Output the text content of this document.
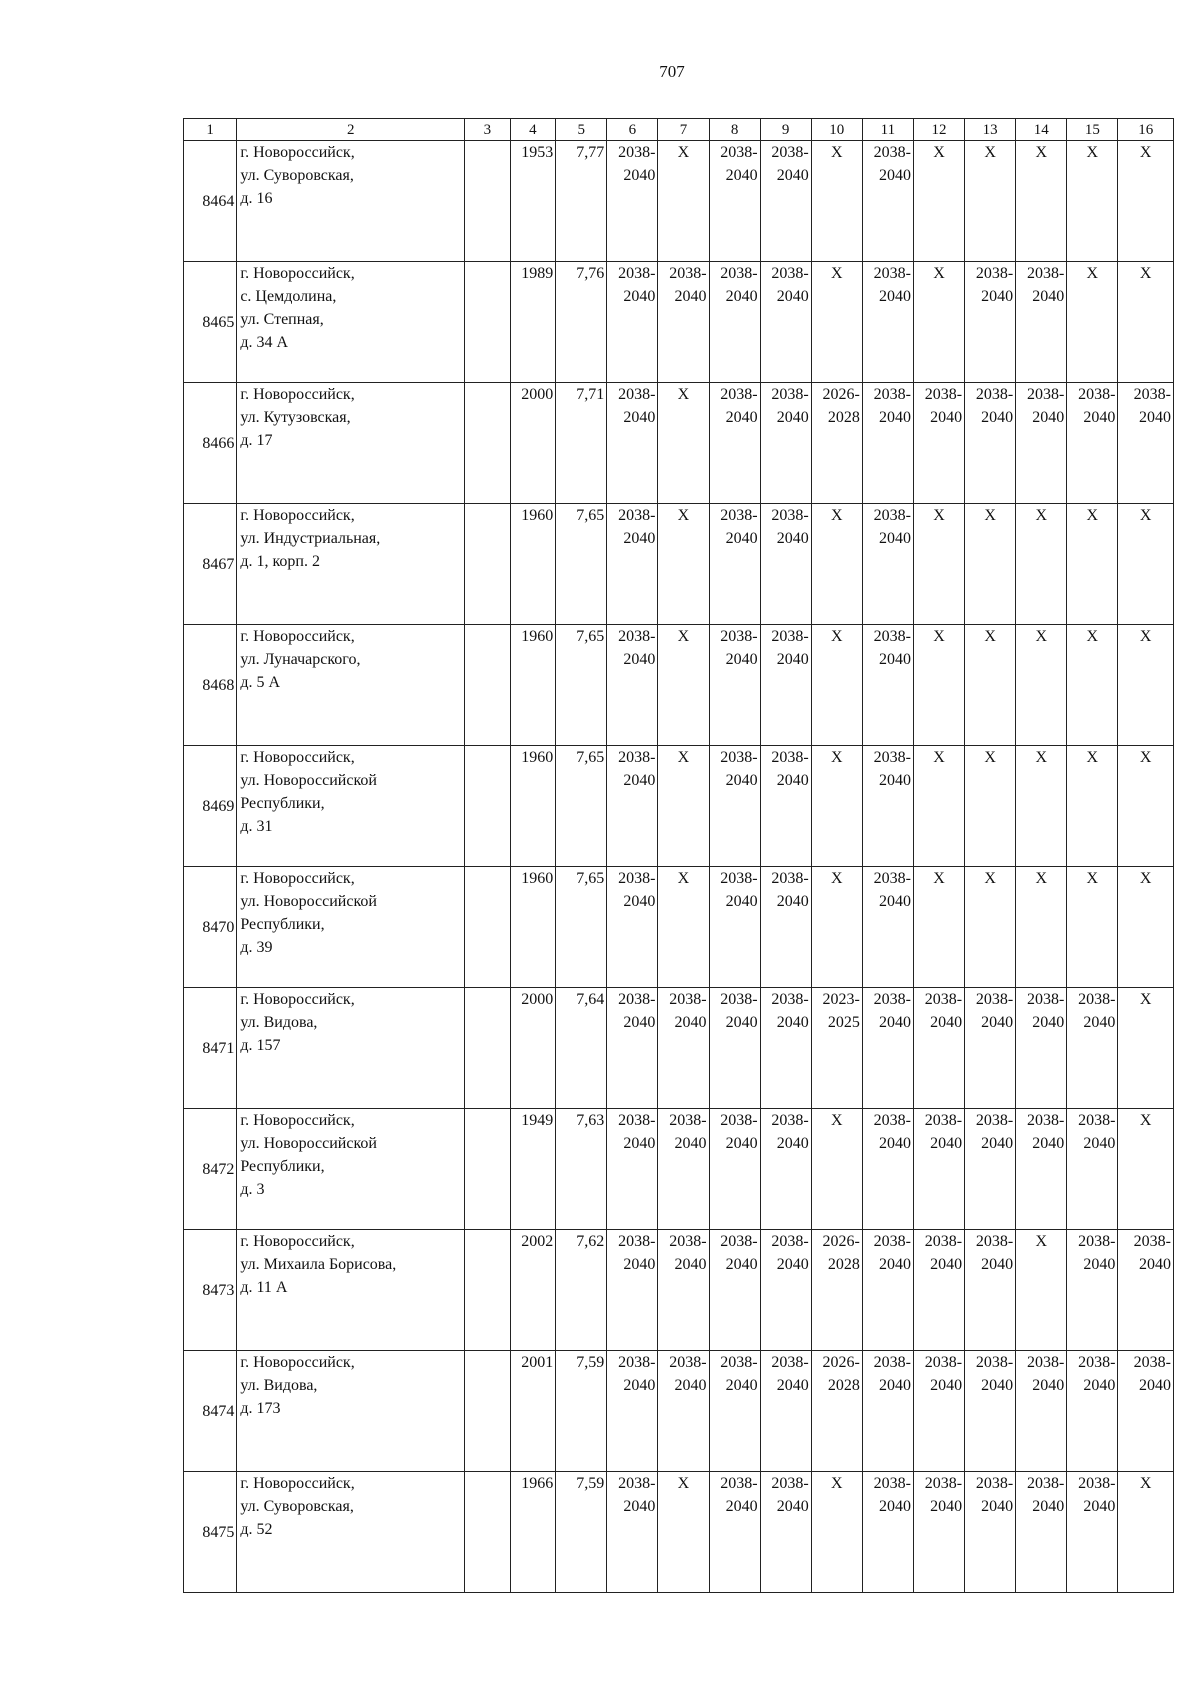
707
1	2	3	4	5	6	7	8	9	10	11	12	13	14	15	16
8464	г. Новороссийск,
ул. Суворовская,
д. 16		1953	7,77	2038-
2040	X	2038-
2040	2038-
2040	X	2038-
2040	X	X	X	X	X
8465	г. Новороссийск,
с. Цемдолина,
ул. Степная,
д. 34 А		1989	7,76	2038-
2040	2038-
2040	2038-
2040	2038-
2040	X	2038-
2040	X	2038-
2040	2038-
2040	X	X
8466	г. Новороссийск,
ул. Кутузовская,
д. 17		2000	7,71	2038-
2040	X	2038-
2040	2038-
2040	2026-
2028	2038-
2040	2038-
2040	2038-
2040	2038-
2040	2038-
2040	2038-
2040
8467	г. Новороссийск,
ул. Индустриальная,
д. 1, корп. 2		1960	7,65	2038-
2040	X	2038-
2040	2038-
2040	X	2038-
2040	X	X	X	X	X
8468	г. Новороссийск,
ул. Луначарского,
д. 5 А		1960	7,65	2038-
2040	X	2038-
2040	2038-
2040	X	2038-
2040	X	X	X	X	X
8469	г. Новороссийск,
ул. Новороссийской
Республики,
д. 31		1960	7,65	2038-
2040	X	2038-
2040	2038-
2040	X	2038-
2040	X	X	X	X	X
8470	г. Новороссийск,
ул. Новороссийской
Республики,
д. 39		1960	7,65	2038-
2040	X	2038-
2040	2038-
2040	X	2038-
2040	X	X	X	X	X
8471	г. Новороссийск,
ул. Видова,
д. 157		2000	7,64	2038-
2040	2038-
2040	2038-
2040	2038-
2040	2023-
2025	2038-
2040	2038-
2040	2038-
2040	2038-
2040	2038-
2040	X
8472	г. Новороссийск,
ул. Новороссийской
Республики,
д. 3		1949	7,63	2038-
2040	2038-
2040	2038-
2040	2038-
2040	X	2038-
2040	2038-
2040	2038-
2040	2038-
2040	2038-
2040	X
8473	г. Новороссийск,
ул. Михаила Борисова,
д. 11 А		2002	7,62	2038-
2040	2038-
2040	2038-
2040	2038-
2040	2026-
2028	2038-
2040	2038-
2040	2038-
2040	X	2038-
2040	2038-
2040
8474	г. Новороссийск,
ул. Видова,
д. 173		2001	7,59	2038-
2040	2038-
2040	2038-
2040	2038-
2040	2026-
2028	2038-
2040	2038-
2040	2038-
2040	2038-
2040	2038-
2040	2038-
2040
8475	г. Новороссийск,
ул. Суворовская,
д. 52		1966	7,59	2038-
2040	X	2038-
2040	2038-
2040	X	2038-
2040	2038-
2040	2038-
2040	2038-
2040	2038-
2040	X
